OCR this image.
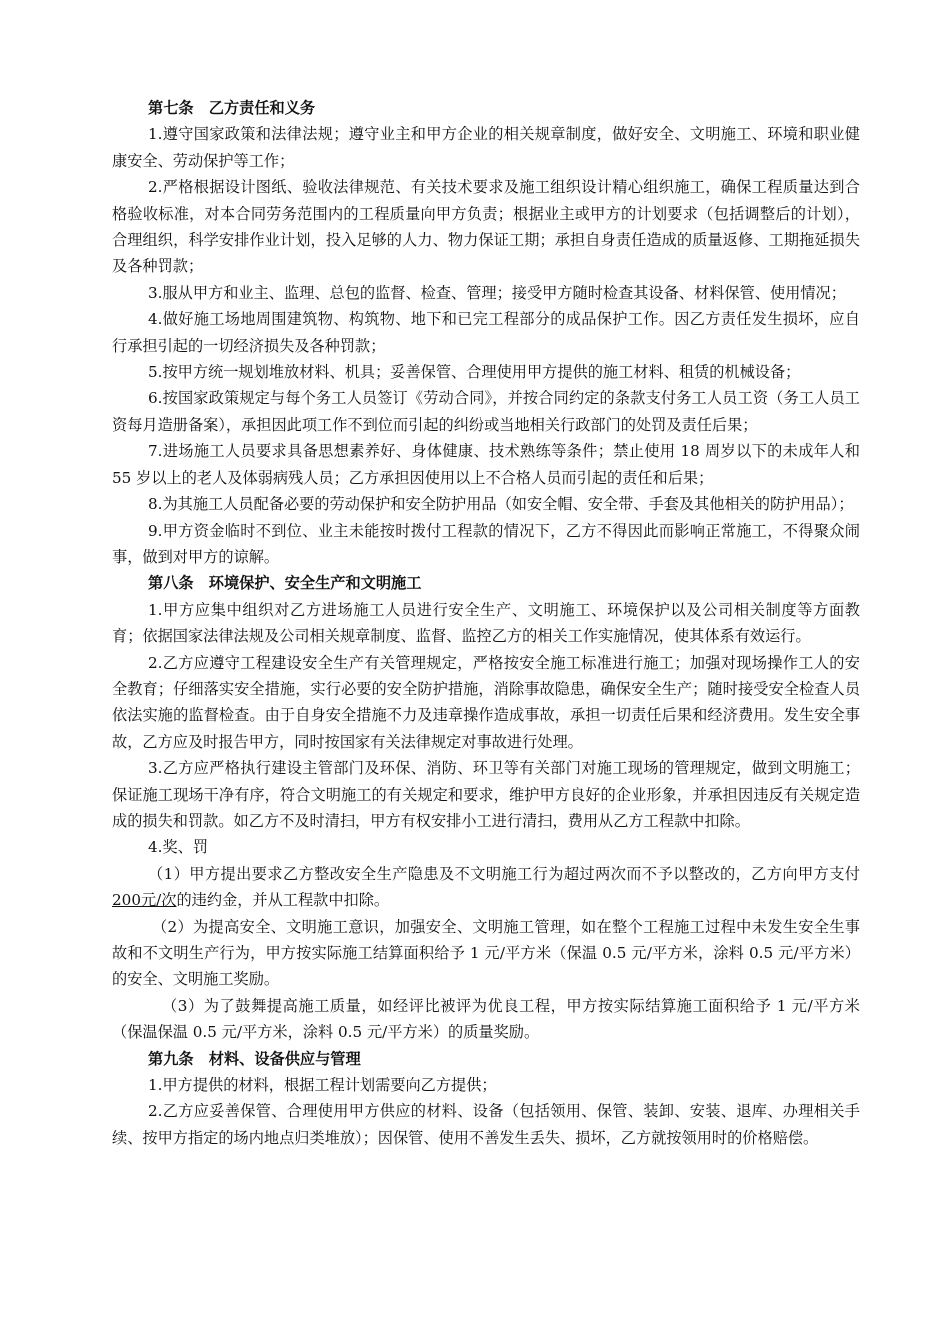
第七条　乙方责任和义务

1.遵守国家政策和法律法规；遵守业主和甲方企业的相关规章制度，做好安全、文明施工、环境和职业健康安全、劳动保护等工作；

2.严格根据设计图纸、验收法律规范、有关技术要求及施工组织设计精心组织施工，确保工程质量达到合格验收标准，对本合同劳务范围内的工程质量向甲方负责；根据业主或甲方的计划要求（包括调整后的计划），合理组织，科学安排作业计划，投入足够的人力、物力保证工期；承担自身责任造成的质量返修、工期拖延损失及各种罚款；

3.服从甲方和业主、监理、总包的监督、检查、管理；接受甲方随时检查其设备、材料保管、使用情况；

4.做好施工场地周围建筑物、构筑物、地下和已完工程部分的成品保护工作。因乙方责任发生损坏，应自行承担引起的一切经济损失及各种罚款；

5.按甲方统一规划堆放材料、机具；妥善保管、合理使用甲方提供的施工材料、租赁的机械设备；

6.按国家政策规定与每个务工人员签订《劳动合同》，并按合同约定的条款支付务工人员工资（务工人员工资每月造册备案），承担因此项工作不到位而引起的纠纷或当地相关行政部门的处罚及责任后果；

7.进场施工人员要求具备思想素养好、身体健康、技术熟练等条件；禁止使用 18 周岁以下的未成年人和 55 岁以上的老人及体弱病残人员；乙方承担因使用以上不合格人员而引起的责任和后果；

8.为其施工人员配备必要的劳动保护和安全防护用品（如安全帽、安全带、手套及其他相关的防护用品）；

9.甲方资金临时不到位、业主未能按时拨付工程款的情况下，乙方不得因此而影响正常施工，不得聚众闹事，做到对甲方的谅解。

第八条　环境保护、安全生产和文明施工

1.甲方应集中组织对乙方进场施工人员进行安全生产、文明施工、环境保护以及公司相关制度等方面教育；依据国家法律法规及公司相关规章制度、监督、监控乙方的相关工作实施情况，使其体系有效运行。

2.乙方应遵守工程建设安全生产有关管理规定，严格按安全施工标准进行施工；加强对现场操作工人的安全教育；仔细落实安全措施，实行必要的安全防护措施，消除事故隐患，确保安全生产；随时接受安全检查人员依法实施的监督检查。由于自身安全措施不力及违章操作造成事故，承担一切责任后果和经济费用。发生安全事故，乙方应及时报告甲方，同时按国家有关法律规定对事故进行处理。

3.乙方应严格执行建设主管部门及环保、消防、环卫等有关部门对施工现场的管理规定，做到文明施工；保证施工现场干净有序，符合文明施工的有关规定和要求，维护甲方良好的企业形象，并承担因违反有关规定造成的损失和罚款。如乙方不及时清扫，甲方有权安排小工进行清扫，费用从乙方工程款中扣除。

4.奖、罚

（1）甲方提出要求乙方整改安全生产隐患及不文明施工行为超过两次而不予以整改的，乙方向甲方支付 200元/次的违约金，并从工程款中扣除。

（2）为提高安全、文明施工意识，加强安全、文明施工管理，如在整个工程施工过程中未发生安全生事故和不文明生产行为，甲方按实际施工结算面积给予 1 元/平方米（保温 0.5 元/平方米，涂料 0.5 元/平方米）的安全、文明施工奖励。

（3）为了鼓舞提高施工质量，如经评比被评为优良工程，甲方按实际结算施工面积给予 1 元/平方米（保温保温 0.5 元/平方米，涂料 0.5 元/平方米）的质量奖励。

第九条　材料、设备供应与管理

1.甲方提供的材料，根据工程计划需要向乙方提供；

2.乙方应妥善保管、合理使用甲方供应的材料、设备（包括领用、保管、装卸、安装、退库、办理相关手续、按甲方指定的场内地点归类堆放）；因保管、使用不善发生丢失、损坏，乙方就按领用时的价格赔偿。
